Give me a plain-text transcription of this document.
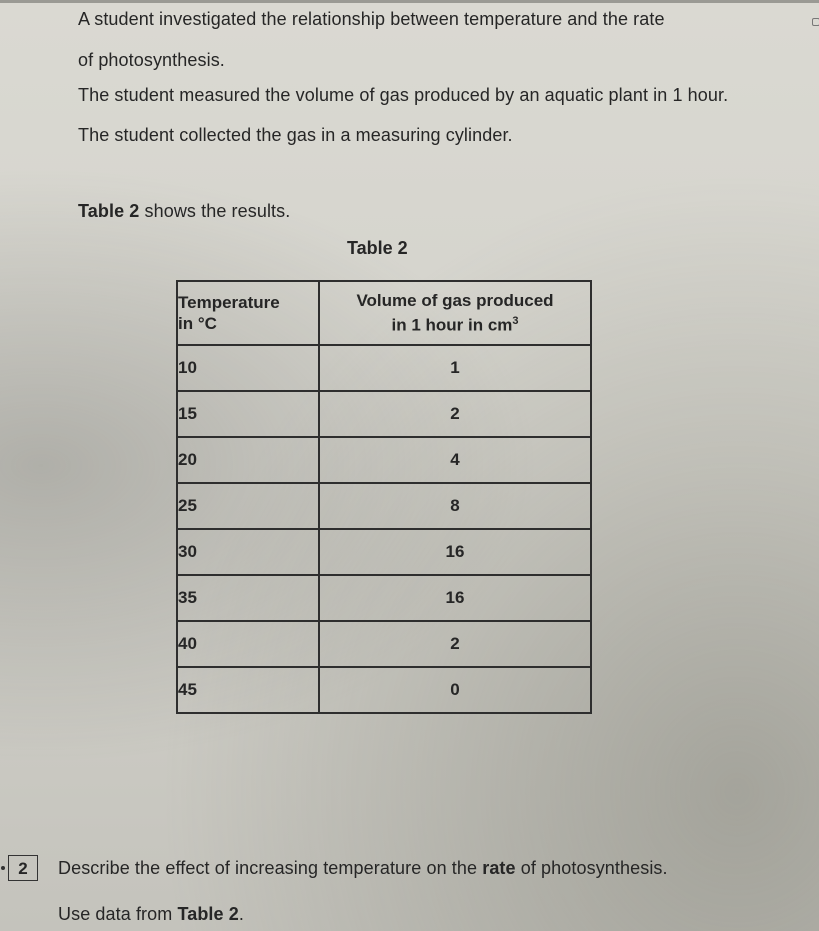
A student investigated the relationship between temperature and the rate
of photosynthesis.
The student measured the volume of gas produced by an aquatic plant in 1 hour.
The student collected the gas in a measuring cylinder.
Table 2 shows the results.
Table 2
Temperature
in °C	Volume of gas produced
in 1 hour in $cm^3$
10	1
15	2
20	4
25	8
30	16
35	16
40	2
45	0
2	Describe the effect of increasing temperature on the rate of photosynthesis.
Use data from Table 2.
